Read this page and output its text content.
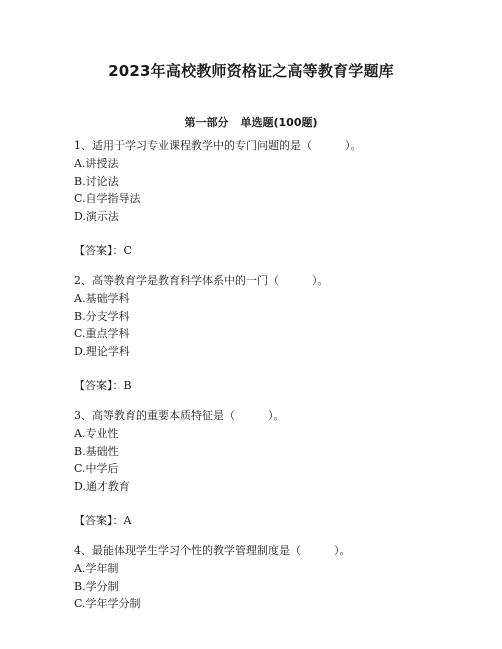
2023年高校教师资格证之高等教育学题库
第一部分 单选题(100题)
1、适用于学习专业课程教学中的专门问题的是（　　　）。
A.讲授法
B.讨论法
C.自学指导法
D.演示法
【答案】：C
2、高等教育学是教育科学体系中的一门（　　　）。
A.基础学科
B.分支学科
C.重点学科
D.理论学科
【答案】：B
3、高等教育的重要本质特征是（　　　）。
A.专业性
B.基础性
C.中学后
D.通才教育
【答案】：A
4、最能体现学生学习个性的教学管理制度是（　　　）。
A.学年制
B.学分制
C.学年学分制
